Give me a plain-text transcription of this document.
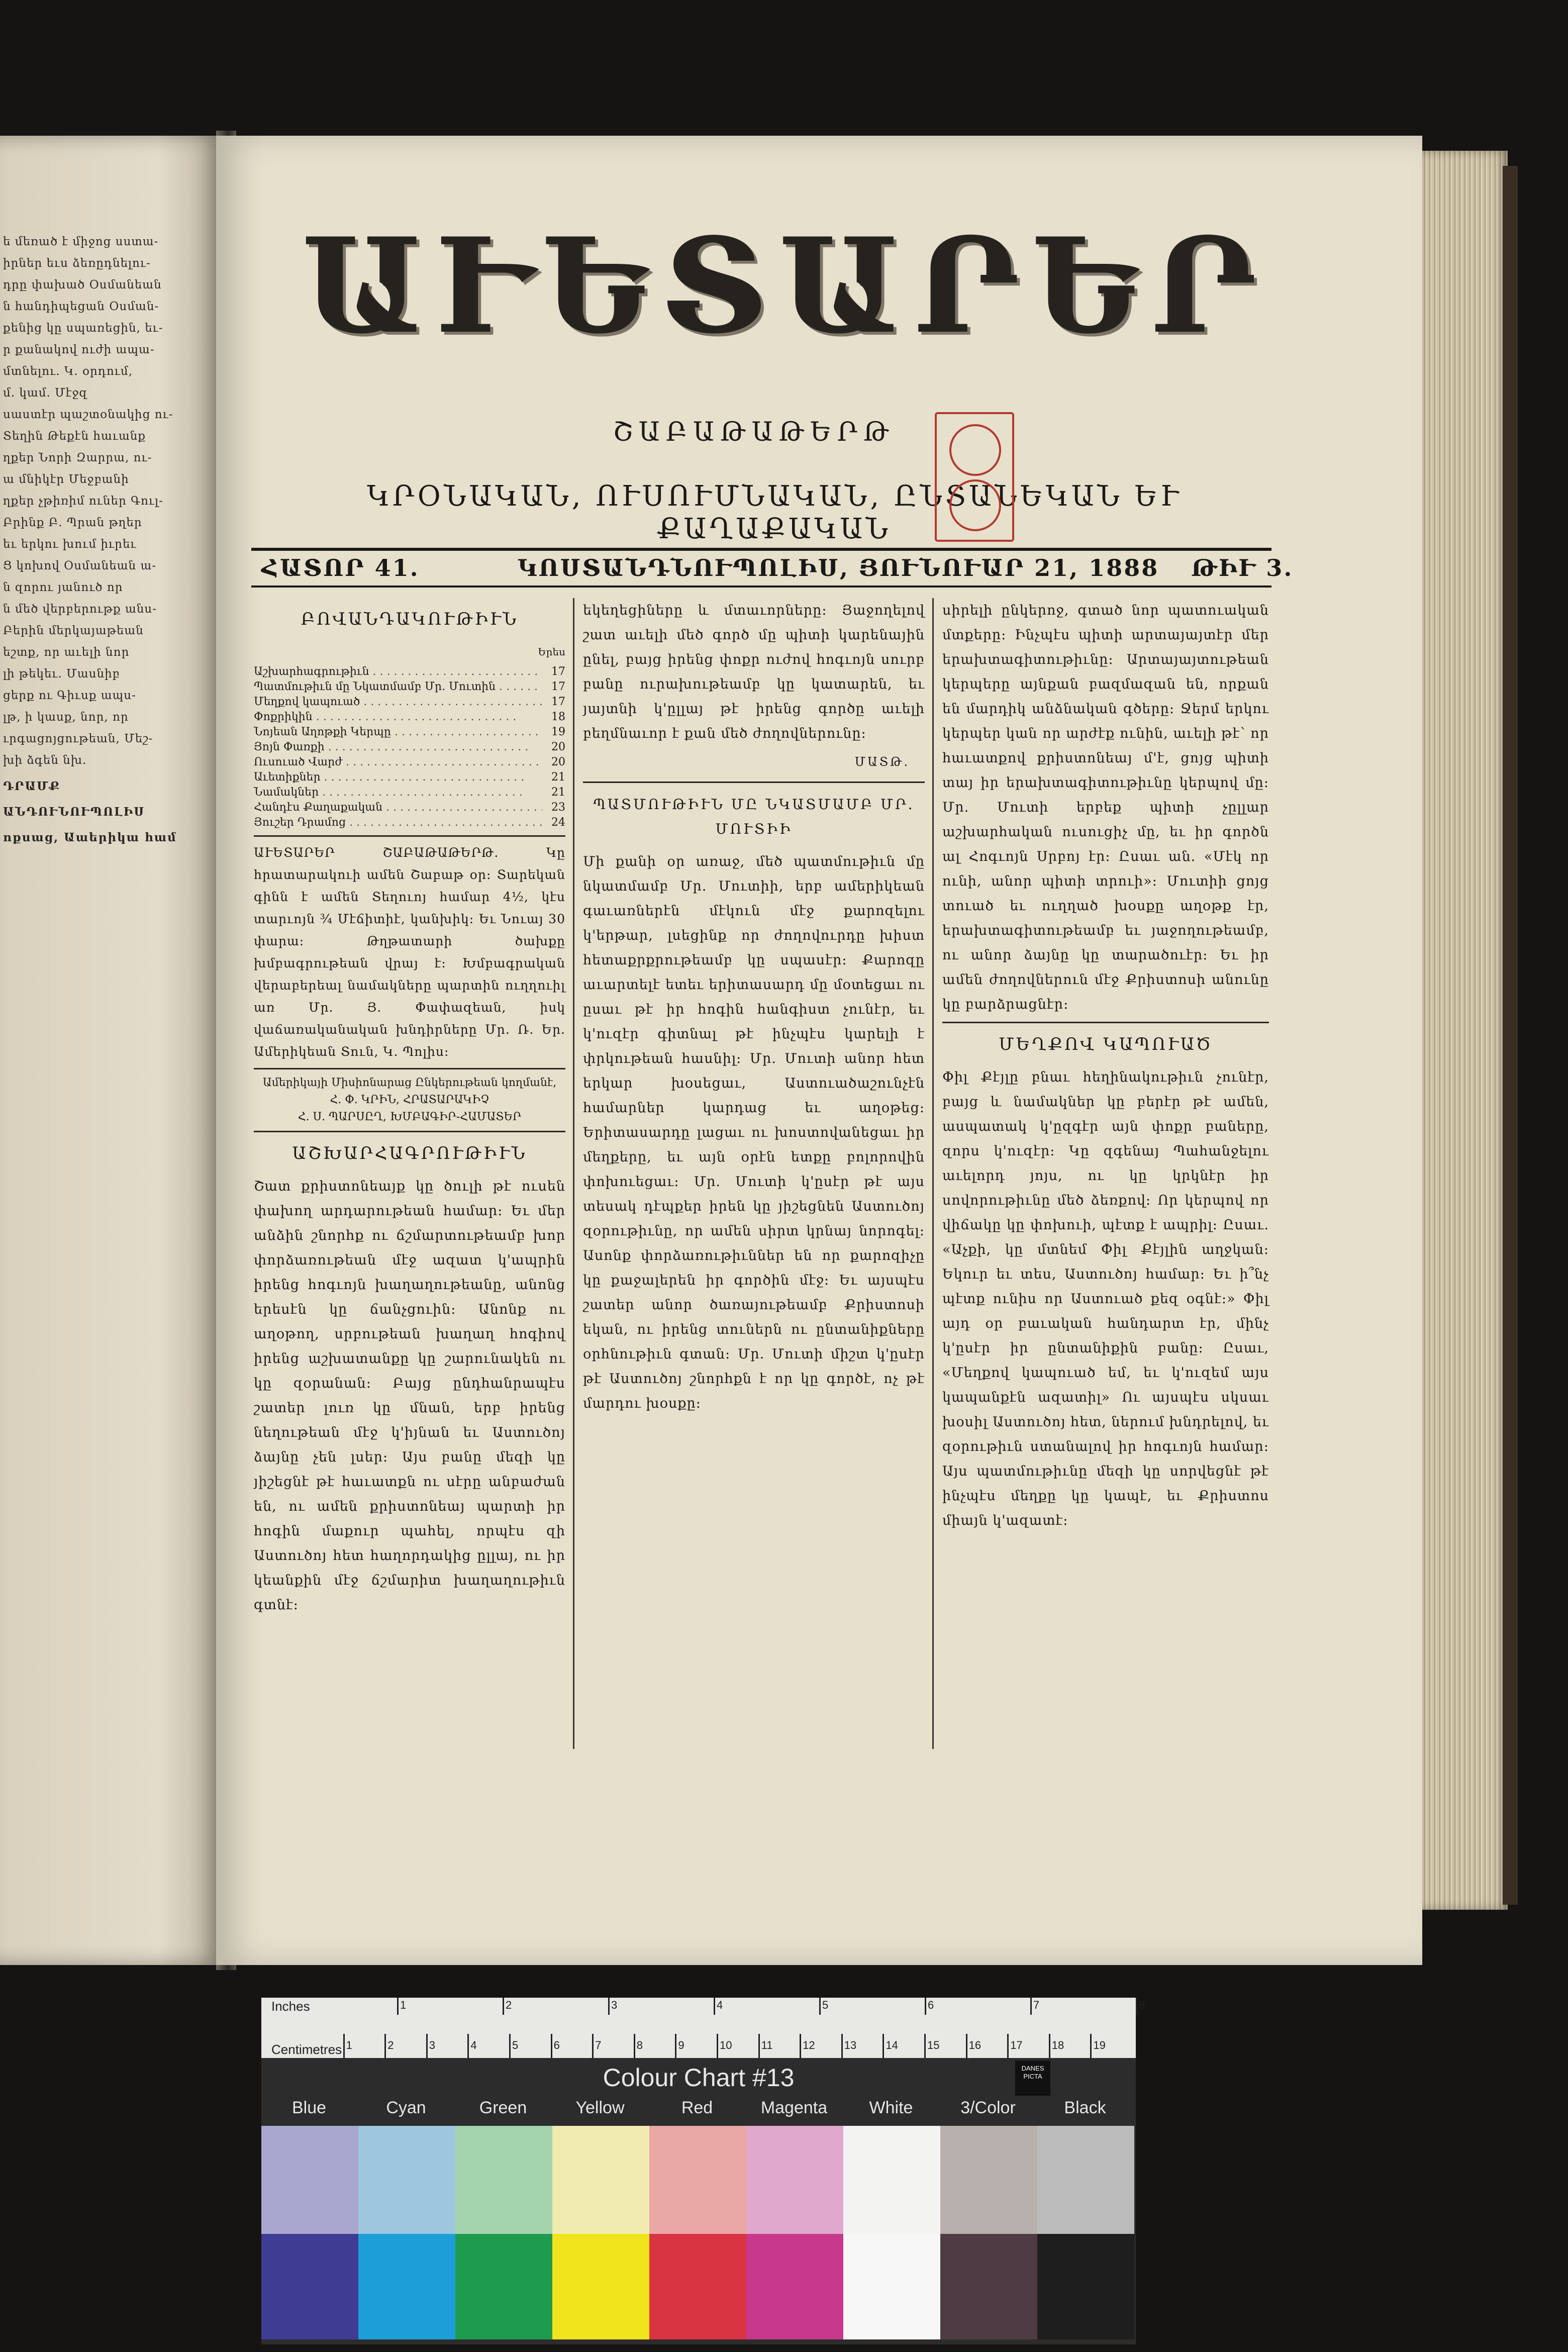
ե մեռած է միջոց սստա-
իրներ եւս ձեռըդնելու-
դրը փախած Օսմանեան
ն հանդիպեցան Օսման-
քենից կը սպառեցին, եւ-
ր քանակով ուժի ապա-
մտնելու. Կ. օրդում,
մ. կամ. Մէջզ
սաստէր պաշտօնակից ու-
Տեղին Թեքէն հաւանք
ղքեր Նորի Զարրա, ու-
ա մնիկէր Մեջբանի
ղքեր չթիռիմ ուներ Գուլ-
Բրինք Բ. Պրան թղեր
եւ երկու խում իւրեւ
Ց կոխով Օսմանեան ա-
ն զորու յանուծ որ
ն մեծ վերբերութք անս-
Բերին մերկայաթեան
եշտք, որ աւելի նոր
լի թեկեւ. Մասնիբ
ցերք ու Գիւսք ապս-
լթ, ի կասք, նոր, որ
ւրգացոյցութեան, Մեշ-
խի ձգեն նխ.
ԴՐԱՄՔ
ԱՆԴՈՒՆՈՒՊՈԼԻՍ
ոքսաց, Աաերիկա համ
ԱՒԵՏԱՐԵՐ
ՇԱԲԱԹԱԹԵՐԹ
ԿՐՕՆԱԿԱՆ, ՈՒՍՈՒՄՆԱԿԱՆ, ԸՆՏԱՆԵԿԱՆ ԵՒ ՔԱՂԱՔԱԿԱՆ
ՀԱՏՈՐ 41.	ԿՈՍՏԱՆԴՆՈՒՊՈԼԻՍ, ՅՈՒՆՈՒԱՐ 21, 1888 ԹԻՒ 3.
ԲՈՎԱՆԴԱԿՈՒԹԻՒՆ
Երես
Աշխարհագրութիւն . . .	17
Պատմութիւն մը Նկատմամբ Մր. Մուտին . . .	17
Մեղքով կապուած . . .	17
Փոքրիկին . . .	18
Նոյեան Աղոթքի Կերպը . . .	19
Յոյն Փառքի . . .	20
Ուսուած Վարժ . . .	20
Աւետիքներ . . .	21
Նամակներ . . .	21
Հանդէս Քաղաքական . . .	23
Յուշեր Դրամոց . . .	24

ԱՒԵՏԱՐԵՐ ՇԱԲԱԹԱԹԵՐԹ. Կը հրատարակուի ամեն Շաբաթ օր։ Տարեկան գինն է ամեն Տեղուոյ համար 4½, կէս տարւոյն ¾ Մէճիտիէ, կանխիկ։ Եւ Նուայ 30 փարա։ Թղթատարի ծախքը խմբագրութեան վրայ է։ Խմբագրական վերաբերեալ նամակները պարտին ուղղուիլ առ Մր. Յ. Փափազեան, իսկ վաճառականական խնդիրները Մր. Ռ. Եր. Ամերիկեան Տուն, Կ. Պոլիս։

Ամերիկայի Միսիոնարաց Ընկերութեան կողմանէ,
Հ. Փ. ԿՐԻՆ, ՀՐԱՏԱՐԱԿԻՉ
Հ. Ս. ՊԱՐՍԸՂ, ԽՄԲԱԳԻՐ-ՀԱՄԱՏԵՐ
ԱՇԽԱՐՀԱԳՐՈՒԹԻՒՆ

Շատ քրիստոնեայք կը ծուլի թէ ուսեն փախող արդարութեան համար։ Եւ մեր անձին շնորհք ու ճշմարտութեամբ խոր փորձառութեան մէջ ազատ կ'ապրին իրենց հոգւոյն խաղաղութեանը, անոնց երեսէն կը ճանչցուին։ Անոնք ու աղօթող, սրբութեան խաղաղ հոգիով իրենց աշխատանքը կը շարունակեն ու կը զօրանան։ Բայց ընդհանրապէս շատեր լուռ կը մնան, երբ իրենց նեղութեան մէջ կ'իյնան եւ Աստուծոյ ձայնը չեն լսեր։ Այս բանը մեզի կը յիշեցնէ թէ հաւատքն ու սէրը անբաժան են, ու ամեն քրիստոնեայ պարտի իր հոգին մաքուր պահել, որպէս զի Աստուծոյ հետ հաղորդակից ըլլայ, ու իր կեանքին մէջ ճշմարիտ խաղաղութիւն գտնէ։

եկեղեցիները և մտաւորները։ Յաջողելով շատ աւելի մեծ գործ մը պիտի կարենային ընել, բայց իրենց փոքր ուժով հոգւոյն սուրբ բանը ուրախութեամբ կը կատարեն, եւ յայտնի կ'ըլլայ թէ իրենց գործը աւելի բեղմնաւոր է քան մեծ ժողովներունը։

ՄԱՏԹ.
ՊԱՏՄՈՒԹԻՒՆ ՄԸ ՆԿԱՏՄԱՄԲ ՄՐ. ՄՈՒՏԻԻ

Մի քանի օր առաջ, մեծ պատմութիւն մը նկատմամբ Մր. Մուտիի, երբ ամերիկեան գաւառներէն մէկուն մէջ քարոզելու կ'երթար, լսեցինք որ ժողովուրդը խիստ հետաքրքրութեամբ կը սպասէր։ Քարոզը աւարտելէ ետեւ երիտասարդ մը մօտեցաւ ու ըսաւ թէ իր հոգին հանգիստ չունէր, եւ կ'ուզէր գիտնալ թէ ինչպէս կարելի է փրկութեան հասնիլ։ Մր. Մուտի անոր հետ երկար խօսեցաւ, Աստուածաշունչէն համարներ կարդաց եւ աղօթեց։ Երիտասարդը լացաւ ու խոստովանեցաւ իր մեղքերը, եւ այն օրէն ետքը բոլորովին փոխուեցաւ։ Մր. Մուտի կ'ըսէր թէ այս տեսակ դէպքեր իրեն կը յիշեցնեն Աստուծոյ զօրութիւնը, որ ամեն սիրտ կրնայ նորոգել։ Ասոնք փորձառութիւններ են որ քարոզիչը կը քաջալերեն իր գործին մէջ։ Եւ այսպէս շատեր անոր ծառայութեամբ Քրիստոսի եկան, ու իրենց տուներն ու ընտանիքները օրհնութիւն գտան։ Մր. Մուտի միշտ կ'ըսէր թէ Աստուծոյ շնորհքն է որ կը գործէ, ոչ թէ մարդու խօսքը։

սիրելի ընկերոջ, գտած նոր պատուական մտքերը։ Ինչպէս պիտի արտայայտէր մեր երախտագիտութիւնը։ Արտայայտութեան կերպերը այնքան բազմազան են, որքան են մարդիկ անձնական գծերը։ Ջերմ երկու կերպեր կան որ արժէք ունին, աւելի թէ՝ որ հաւատքով քրիստոնեայ մ'է, ցոյց պիտի տայ իր երախտագիտութիւնը կերպով մը։ Մր. Մուտի երբեք պիտի չըլլար աշխարհական ուսուցիչ մը, եւ իր գործն ալ Հոգւոյն Սրբոյ էր։ Ըսաւ ան. «Մէկ որ ունի, անոր պիտի տրուի»։ Մուտիի ցոյց տուած եւ ուղղած խօսքը աղօթք էր, երախտագիտութեամբ եւ յաջողութեամբ, ու անոր ձայնը կը տարածուէր։ Եւ իր ամեն ժողովներուն մէջ Քրիստոսի անունը կը բարձրացնէր։

ՄԵՂՔՈՎ ԿԱՊՈՒԱԾ

Փիլ Քէյլը բնաւ հեղինակութիւն չունէր, բայց և նամակներ կը բերէր թէ ամեն, ասպատակ կ'ըզգէր այն փոքր բաները, զորս կ'ուզէր։ Կը զգենայ Պահանջելու աւելորդ յոյս, ու կը կրկնէր իր սովորութիւնը մեծ ձեռքով։ Որ կերպով որ վիճակը կը փոխուի, պէտք է ապրիլ։ Ըսաւ. «Աչքի, կը մտնեմ Փիլ Քէյլին աղջկան։ Եկուր եւ տես, Աստուծոյ համար։ Եւ ի՞նչ պէտք ունիս որ Աստուած քեզ օգնէ։» Փիլ այդ օր բաւական հանդարտ էր, մինչ կ'ըսէր իր ընտանիքին բանը։ Ըսաւ, «Մեղքով կապուած եմ, եւ կ'ուզեմ այս կապանքէն ազատիլ» Ու այսպէս սկսաւ խօսիլ Աստուծոյ հետ, ներում խնդրելով, եւ զօրութիւն ստանալով իր հոգւոյն համար։ Այս պատմութիւնը մեզի կը սորվեցնէ թէ ինչպէս մեղքը կը կապէ, եւ Քրիստոս միայն կ'ազատէ։

Inches
Centimetres
1	2	3	4	5	6	7	8
1	2	3	4	5	6	7	8	9	10	11	12	13	14	15	16	17	18	19
Colour Chart #13	DANES PICTA
Blue	Cyan	Green	Yellow	Red	Magenta	White	3/Color	Black
